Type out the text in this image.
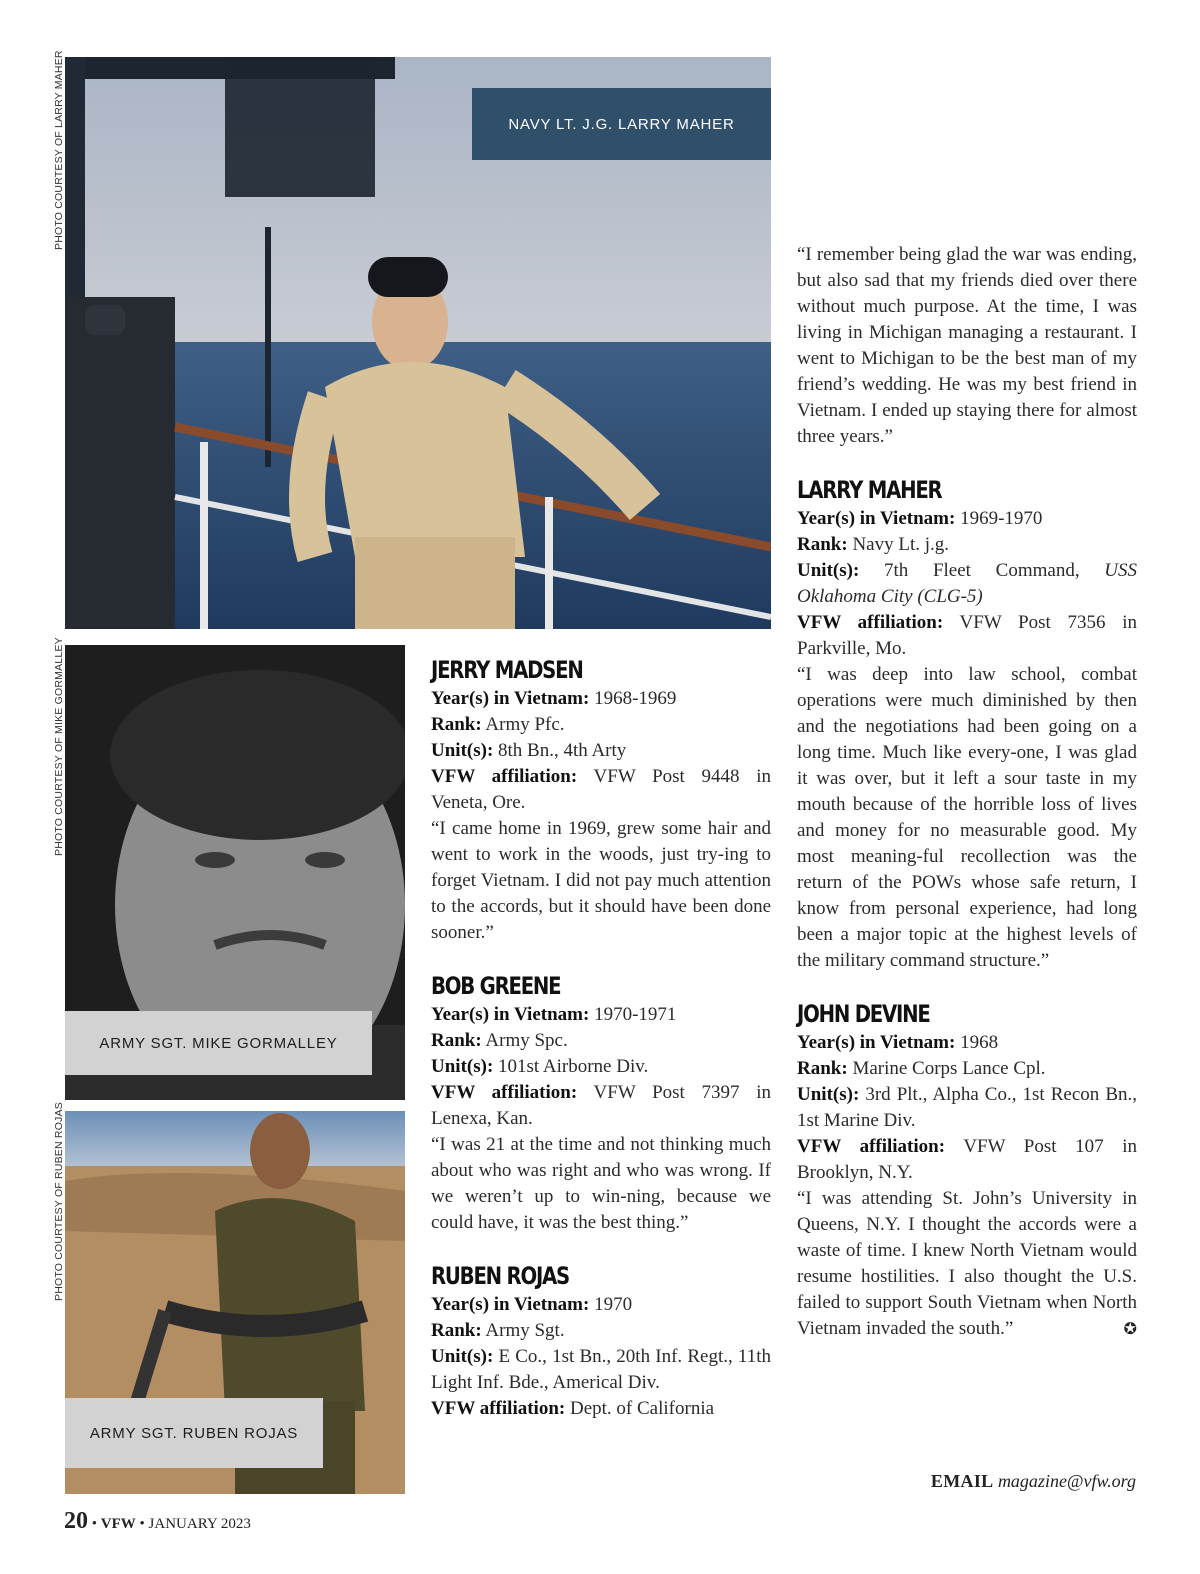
PHOTO COURTESY OF LARRY MAHER
PHOTO COURTESY OF MIKE GORMALLEY
PHOTO COURTESY OF RUBEN ROJAS
NAVY LT. J.G. LARRY MAHER
ARMY SGT. MIKE GORMALLEY
ARMY SGT. RUBEN ROJAS
JERRY MADSEN

Year(s) in Vietnam: 1968-1969

Rank: Army Pfc.

Unit(s): 8th Bn., 4th Arty

VFW affiliation: VFW Post 9448 in Veneta, Ore.

“I came home in 1969, grew some hair and went to work in the woods, just try-ing to forget Vietnam. I did not pay much attention to the accords, but it should have been done sooner.”

BOB GREENE

Year(s) in Vietnam: 1970-1971

Rank: Army Spc.

Unit(s): 101st Airborne Div.

VFW affiliation: VFW Post 7397 in Lenexa, Kan.

“I was 21 at the time and not thinking much about who was right and who was wrong. If we weren’t up to win-ning, because we could have, it was the best thing.”

RUBEN ROJAS

Year(s) in Vietnam: 1970

Rank: Army Sgt.

Unit(s): E Co., 1st Bn., 20th Inf. Regt., 11th Light Inf. Bde., Americal Div.

VFW affiliation: Dept. of California

“I remember being glad the war was ending, but also sad that my friends died over there without much purpose. At the time, I was living in Michigan managing a restaurant. I went to Michigan to be the best man of my friend’s wedding. He was my best friend in Vietnam. I ended up staying there for almost three years.”

LARRY MAHER

Year(s) in Vietnam: 1969-1970

Rank: Navy Lt. j.g.

Unit(s): 7th Fleet Command, USS Oklahoma City (CLG-5)

VFW affiliation: VFW Post 7356 in Parkville, Mo.

“I was deep into law school, combat operations were much diminished by then and the negotiations had been going on a long time. Much like every-one, I was glad it was over, but it left a sour taste in my mouth because of the horrible loss of lives and money for no measurable good. My most meaning-ful recollection was the return of the POWs whose safe return, I know from personal experience, had long been a major topic at the highest levels of the military command structure.”

JOHN DEVINE

Year(s) in Vietnam: 1968

Rank: Marine Corps Lance Cpl.

Unit(s): 3rd Plt., Alpha Co., 1st Recon Bn., 1st Marine Div.

VFW affiliation: VFW Post 107 in Brooklyn, N.Y.

“I was attending St. John’s University in Queens, N.Y. I thought the accords were a waste of time. I knew North Vietnam would resume hostilities. I also thought the U.S. failed to support South Vietnam when North Vietnam invaded the south.”	✪

EMAIL magazine@vfw.org
20 • VFW • JANUARY 2023
